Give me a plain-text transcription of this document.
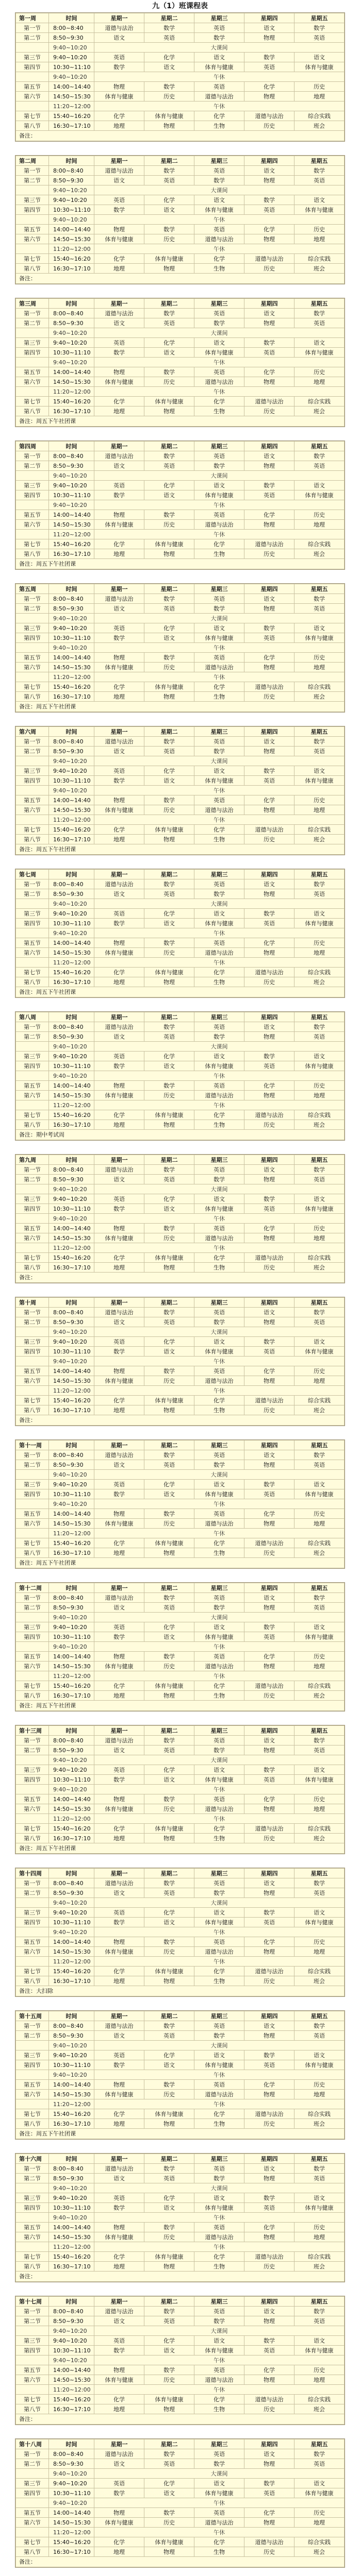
九（1）班课程表
第一周	时间	星期一	星期二	星期三	星期四	星期五
第一节	8:00~8:40	道德与法治	数学	英语	语文	数学
第二节	8:50~9:30	语文	英语	数学	物理	英语
	9:40~10:20	大课间				
第三节	9:40~10:20	英语	化学	语文	数学	语文
第四节	10:30~11:10	数学	语文	体育与健康	英语	体育与健康
	9:40~10:20	午休				
第五节	14:00~14:40	物理	数学	英语	化学	历史
第六节	14:50~15:30	体育与健康	历史	道德与法治	物理	地理
	11:20~12:00	午休				
第七节	15:40~16:20	化学	体育与健康	化学	道德与法治	综合实践
第八节	16:30~17:10	地理	物理	生物	历史	班会
备注：						
第二周	时间	星期一	星期二	星期三	星期四	星期五
第一节	8:00~8:40	道德与法治	数学	英语	语文	数学
第二节	8:50~9:30	语文	英语	数学	物理	英语
	9:40~10:20	大课间				
第三节	9:40~10:20	英语	化学	语文	数学	语文
第四节	10:30~11:10	数学	语文	体育与健康	英语	体育与健康
	9:40~10:20	午休				
第五节	14:00~14:40	物理	数学	英语	化学	历史
第六节	14:50~15:30	体育与健康	历史	道德与法治	物理	地理
	11:20~12:00	午休				
第七节	15:40~16:20	化学	体育与健康	化学	道德与法治	综合实践
第八节	16:30~17:10	地理	物理	生物	历史	班会
备注：						
第三周	时间	星期一	星期二	星期三	星期四	星期五
第一节	8:00~8:40	道德与法治	数学	英语	语文	数学
第二节	8:50~9:30	语文	英语	数学	物理	英语
	9:40~10:20	大课间				
第三节	9:40~10:20	英语	化学	语文	数学	语文
第四节	10:30~11:10	数学	语文	体育与健康	英语	体育与健康
	9:40~10:20	午休				
第五节	14:00~14:40	物理	数学	英语	化学	历史
第六节	14:50~15:30	体育与健康	历史	道德与法治	物理	地理
	11:20~12:00	午休				
第七节	15:40~16:20	化学	体育与健康	化学	道德与法治	综合实践
第八节	16:30~17:10	地理	物理	生物	历史	班会
备注：周五下午社团课						
第四周	时间	星期一	星期二	星期三	星期四	星期五
第一节	8:00~8:40	道德与法治	数学	英语	语文	数学
第二节	8:50~9:30	语文	英语	数学	物理	英语
	9:40~10:20	大课间				
第三节	9:40~10:20	英语	化学	语文	数学	语文
第四节	10:30~11:10	数学	语文	体育与健康	英语	体育与健康
	9:40~10:20	午休				
第五节	14:00~14:40	物理	数学	英语	化学	历史
第六节	14:50~15:30	体育与健康	历史	道德与法治	物理	地理
	11:20~12:00	午休				
第七节	15:40~16:20	化学	体育与健康	化学	道德与法治	综合实践
第八节	16:30~17:10	地理	物理	生物	历史	班会
备注：周五下午社团课						
第五周	时间	星期一	星期二	星期三	星期四	星期五
第一节	8:00~8:40	道德与法治	数学	英语	语文	数学
第二节	8:50~9:30	语文	英语	数学	物理	英语
	9:40~10:20	大课间				
第三节	9:40~10:20	英语	化学	语文	数学	语文
第四节	10:30~11:10	数学	语文	体育与健康	英语	体育与健康
	9:40~10:20	午休				
第五节	14:00~14:40	物理	数学	英语	化学	历史
第六节	14:50~15:30	体育与健康	历史	道德与法治	物理	地理
	11:20~12:00	午休				
第七节	15:40~16:20	化学	体育与健康	化学	道德与法治	综合实践
第八节	16:30~17:10	地理	物理	生物	历史	班会
备注：周五下午社团课						
第六周	时间	星期一	星期二	星期三	星期四	星期五
第一节	8:00~8:40	道德与法治	数学	英语	语文	数学
第二节	8:50~9:30	语文	英语	数学	物理	英语
	9:40~10:20	大课间				
第三节	9:40~10:20	英语	化学	语文	数学	语文
第四节	10:30~11:10	数学	语文	体育与健康	英语	体育与健康
	9:40~10:20	午休				
第五节	14:00~14:40	物理	数学	英语	化学	历史
第六节	14:50~15:30	体育与健康	历史	道德与法治	物理	地理
	11:20~12:00	午休				
第七节	15:40~16:20	化学	体育与健康	化学	道德与法治	综合实践
第八节	16:30~17:10	地理	物理	生物	历史	班会
备注：周五下午社团课						
第七周	时间	星期一	星期二	星期三	星期四	星期五
第一节	8:00~8:40	道德与法治	数学	英语	语文	数学
第二节	8:50~9:30	语文	英语	数学	物理	英语
	9:40~10:20	大课间				
第三节	9:40~10:20	英语	化学	语文	数学	语文
第四节	10:30~11:10	数学	语文	体育与健康	英语	体育与健康
	9:40~10:20	午休				
第五节	14:00~14:40	物理	数学	英语	化学	历史
第六节	14:50~15:30	体育与健康	历史	道德与法治	物理	地理
	11:20~12:00	午休				
第七节	15:40~16:20	化学	体育与健康	化学	道德与法治	综合实践
第八节	16:30~17:10	地理	物理	生物	历史	班会
备注：周五下午社团课						
第八周	时间	星期一	星期二	星期三	星期四	星期五
第一节	8:00~8:40	道德与法治	数学	英语	语文	数学
第二节	8:50~9:30	语文	英语	数学	物理	英语
	9:40~10:20	大课间				
第三节	9:40~10:20	英语	化学	语文	数学	语文
第四节	10:30~11:10	数学	语文	体育与健康	英语	体育与健康
	9:40~10:20	午休				
第五节	14:00~14:40	物理	数学	英语	化学	历史
第六节	14:50~15:30	体育与健康	历史	道德与法治	物理	地理
	11:20~12:00	午休				
第七节	15:40~16:20	化学	体育与健康	化学	道德与法治	综合实践
第八节	16:30~17:10	地理	物理	生物	历史	班会
备注：期中考试周						
第九周	时间	星期一	星期二	星期三	星期四	星期五
第一节	8:00~8:40	道德与法治	数学	英语	语文	数学
第二节	8:50~9:30	语文	英语	数学	物理	英语
	9:40~10:20	大课间				
第三节	9:40~10:20	英语	化学	语文	数学	语文
第四节	10:30~11:10	数学	语文	体育与健康	英语	体育与健康
	9:40~10:20	午休				
第五节	14:00~14:40	物理	数学	英语	化学	历史
第六节	14:50~15:30	体育与健康	历史	道德与法治	物理	地理
	11:20~12:00	午休				
第七节	15:40~16:20	化学	体育与健康	化学	道德与法治	综合实践
第八节	16:30~17:10	地理	物理	生物	历史	班会
备注：						
第十周	时间	星期一	星期二	星期三	星期四	星期五
第一节	8:00~8:40	道德与法治	数学	英语	语文	数学
第二节	8:50~9:30	语文	英语	数学	物理	英语
	9:40~10:20	大课间				
第三节	9:40~10:20	英语	化学	语文	数学	语文
第四节	10:30~11:10	数学	语文	体育与健康	英语	体育与健康
	9:40~10:20	午休				
第五节	14:00~14:40	物理	数学	英语	化学	历史
第六节	14:50~15:30	体育与健康	历史	道德与法治	物理	地理
	11:20~12:00	午休				
第七节	15:40~16:20	化学	体育与健康	化学	道德与法治	综合实践
第八节	16:30~17:10	地理	物理	生物	历史	班会
备注：						
第十一周	时间	星期一	星期二	星期三	星期四	星期五
第一节	8:00~8:40	道德与法治	数学	英语	语文	数学
第二节	8:50~9:30	语文	英语	数学	物理	英语
	9:40~10:20	大课间				
第三节	9:40~10:20	英语	化学	语文	数学	语文
第四节	10:30~11:10	数学	语文	体育与健康	英语	体育与健康
	9:40~10:20	午休				
第五节	14:00~14:40	物理	数学	英语	化学	历史
第六节	14:50~15:30	体育与健康	历史	道德与法治	物理	地理
	11:20~12:00	午休				
第七节	15:40~16:20	化学	体育与健康	化学	道德与法治	综合实践
第八节	16:30~17:10	地理	物理	生物	历史	班会
备注：周五下午社团课						
第十二周	时间	星期一	星期二	星期三	星期四	星期五
第一节	8:00~8:40	道德与法治	数学	英语	语文	数学
第二节	8:50~9:30	语文	英语	数学	物理	英语
	9:40~10:20	大课间				
第三节	9:40~10:20	英语	化学	语文	数学	语文
第四节	10:30~11:10	数学	语文	体育与健康	英语	体育与健康
	9:40~10:20	午休				
第五节	14:00~14:40	物理	数学	英语	化学	历史
第六节	14:50~15:30	体育与健康	历史	道德与法治	物理	地理
	11:20~12:00	午休				
第七节	15:40~16:20	化学	体育与健康	化学	道德与法治	综合实践
第八节	16:30~17:10	地理	物理	生物	历史	班会
备注：周五下午社团课						
第十三周	时间	星期一	星期二	星期三	星期四	星期五
第一节	8:00~8:40	道德与法治	数学	英语	语文	数学
第二节	8:50~9:30	语文	英语	数学	物理	英语
	9:40~10:20	大课间				
第三节	9:40~10:20	英语	化学	语文	数学	语文
第四节	10:30~11:10	数学	语文	体育与健康	英语	体育与健康
	9:40~10:20	午休				
第五节	14:00~14:40	物理	数学	英语	化学	历史
第六节	14:50~15:30	体育与健康	历史	道德与法治	物理	地理
	11:20~12:00	午休				
第七节	15:40~16:20	化学	体育与健康	化学	道德与法治	综合实践
第八节	16:30~17:10	地理	物理	生物	历史	班会
备注：周五下午社团课						
第十四周	时间	星期一	星期二	星期三	星期四	星期五
第一节	8:00~8:40	道德与法治	数学	英语	语文	数学
第二节	8:50~9:30	语文	英语	数学	物理	英语
	9:40~10:20	大课间				
第三节	9:40~10:20	英语	化学	语文	数学	语文
第四节	10:30~11:10	数学	语文	体育与健康	英语	体育与健康
	9:40~10:20	午休				
第五节	14:00~14:40	物理	数学	英语	化学	历史
第六节	14:50~15:30	体育与健康	历史	道德与法治	物理	地理
	11:20~12:00	午休				
第七节	15:40~16:20	化学	体育与健康	化学	道德与法治	综合实践
第八节	16:30~17:10	地理	物理	生物	历史	班会
备注：大扫除						
第十五周	时间	星期一	星期二	星期三	星期四	星期五
第一节	8:00~8:40	道德与法治	数学	英语	语文	数学
第二节	8:50~9:30	语文	英语	数学	物理	英语
	9:40~10:20	大课间				
第三节	9:40~10:20	英语	化学	语文	数学	语文
第四节	10:30~11:10	数学	语文	体育与健康	英语	体育与健康
	9:40~10:20	午休				
第五节	14:00~14:40	物理	数学	英语	化学	历史
第六节	14:50~15:30	体育与健康	历史	道德与法治	物理	地理
	11:20~12:00	午休				
第七节	15:40~16:20	化学	体育与健康	化学	道德与法治	综合实践
第八节	16:30~17:10	地理	物理	生物	历史	班会
备注：周五下午社团课						
第十六周	时间	星期一	星期二	星期三	星期四	星期五
第一节	8:00~8:40	道德与法治	数学	英语	语文	数学
第二节	8:50~9:30	语文	英语	数学	物理	英语
	9:40~10:20	大课间				
第三节	9:40~10:20	英语	化学	语文	数学	语文
第四节	10:30~11:10	数学	语文	体育与健康	英语	体育与健康
	9:40~10:20	午休				
第五节	14:00~14:40	物理	数学	英语	化学	历史
第六节	14:50~15:30	体育与健康	历史	道德与法治	物理	地理
	11:20~12:00	午休				
第七节	15:40~16:20	化学	体育与健康	化学	道德与法治	综合实践
第八节	16:30~17:10	地理	物理	生物	历史	班会
备注：						
第十七周	时间	星期一	星期二	星期三	星期四	星期五
第一节	8:00~8:40	道德与法治	数学	英语	语文	数学
第二节	8:50~9:30	语文	英语	数学	物理	英语
	9:40~10:20	大课间				
第三节	9:40~10:20	英语	化学	语文	数学	语文
第四节	10:30~11:10	数学	语文	体育与健康	英语	体育与健康
	9:40~10:20	午休				
第五节	14:00~14:40	物理	数学	英语	化学	历史
第六节	14:50~15:30	体育与健康	历史	道德与法治	物理	地理
	11:20~12:00	午休				
第七节	15:40~16:20	化学	体育与健康	化学	道德与法治	综合实践
第八节	16:30~17:10	地理	物理	生物	历史	班会
备注：						
第十八周	时间	星期一	星期二	星期三	星期四	星期五
第一节	8:00~8:40	道德与法治	数学	英语	语文	数学
第二节	8:50~9:30	语文	英语	数学	物理	英语
	9:40~10:20	大课间				
第三节	9:40~10:20	英语	化学	语文	数学	语文
第四节	10:30~11:10	数学	语文	体育与健康	英语	体育与健康
	9:40~10:20	午休				
第五节	14:00~14:40	物理	数学	英语	化学	历史
第六节	14:50~15:30	体育与健康	历史	道德与法治	物理	地理
	11:20~12:00	午休				
第七节	15:40~16:20	化学	体育与健康	化学	道德与法治	综合实践
第八节	16:30~17:10	地理	物理	生物	历史	班会
备注：						
